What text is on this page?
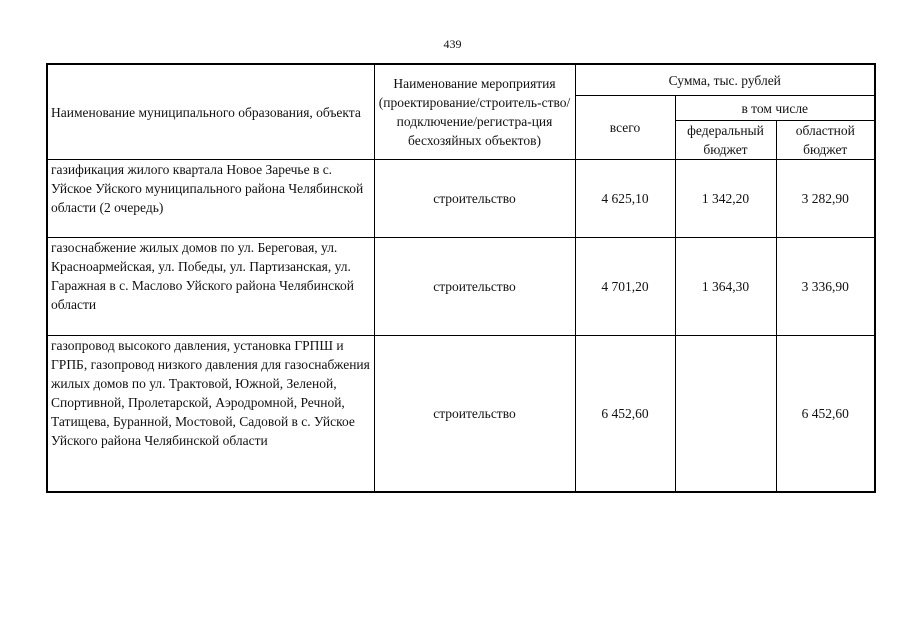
439
Наименование муниципального образования, объекта	Наименование мероприятия (проектирование/строитель-ство/подключение/регистра-ция бесхозяйных объектов)	Сумма, тыс. рублей		
		всего	в том числе	
			федеральный бюджет	областной бюджет
газификация жилого квартала Новое Заречье в с. Уйское Уйского муниципального района Челябинской области (2 очередь)	строительство	4 625,10	1 342,20	3 282,90
газоснабжение жилых домов по ул. Береговая, ул. Красноармейская, ул. Победы, ул. Партизанская, ул. Гаражная в с. Маслово Уйского района Челябинской области	строительство	4 701,20	1 364,30	3 336,90
газопровод высокого давления, установка ГРПШ и ГРПБ, газопровод низкого давления для газоснабжения жилых домов по ул. Трактовой, Южной, Зеленой, Спортивной, Пролетарской, Аэродромной, Речной, Татищева, Буранной, Мостовой, Садовой в с. Уйское Уйского района Челябинской области	строительство	6 452,60		6 452,60
